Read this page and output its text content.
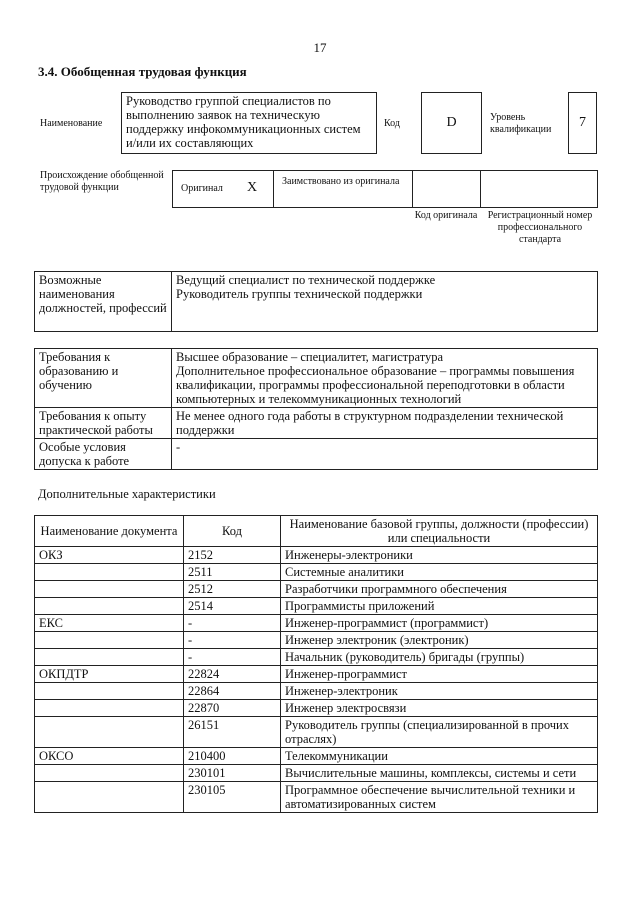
17
3.4. Обобщенная трудовая функция
Наименование
Руководство группой специалистов по выполнению заявок на техническую поддержку инфокоммуникационных систем и/или их составляющих
Код	D	Уровень квалификации	7
Происхождение обобщенной трудовой функции	Оригинал X Заимствовано из оригинала
Код оригинала	Регистрационный номер профессионального стандарта
Возможные наименования должностей, профессий	
Ведущий специалист по технической поддержке
Руководитель группы технической поддержки
Требования к образованию и обучению	Высшее образование – специалитет, магистратура
Дополнительное профессиональное образование – программы повышения квалификации, программы профессиональной переподготовки в области компьютерных и телекоммуникационных технологий
Требования к опыту практической работы	Не менее одного года работы в структурном подразделении технической поддержки
Особые условия допуска к работе	-
Дополнительные характеристики
Наименование документа	Код	Наименование базовой группы, должности (профессии) или специальности
ОКЗ	2152	Инженеры-электроники
	2511	Системные аналитики
	2512	Разработчики программного обеспечения
	2514	Программисты приложений
ЕКС	-	Инженер-программист (программист)
	-	Инженер электроник (электроник)
	-	Начальник (руководитель) бригады (группы)
ОКПДТР	22824	Инженер-программист
	22864	Инженер-электроник
	22870	Инженер электросвязи
	26151	Руководитель группы (специализированной в прочих отраслях)
ОКСО	210400	Телекоммуникации
	230101	Вычислительные машины, комплексы, системы и сети
	230105	Программное обеспечение вычислительной техники и автоматизированных систем
